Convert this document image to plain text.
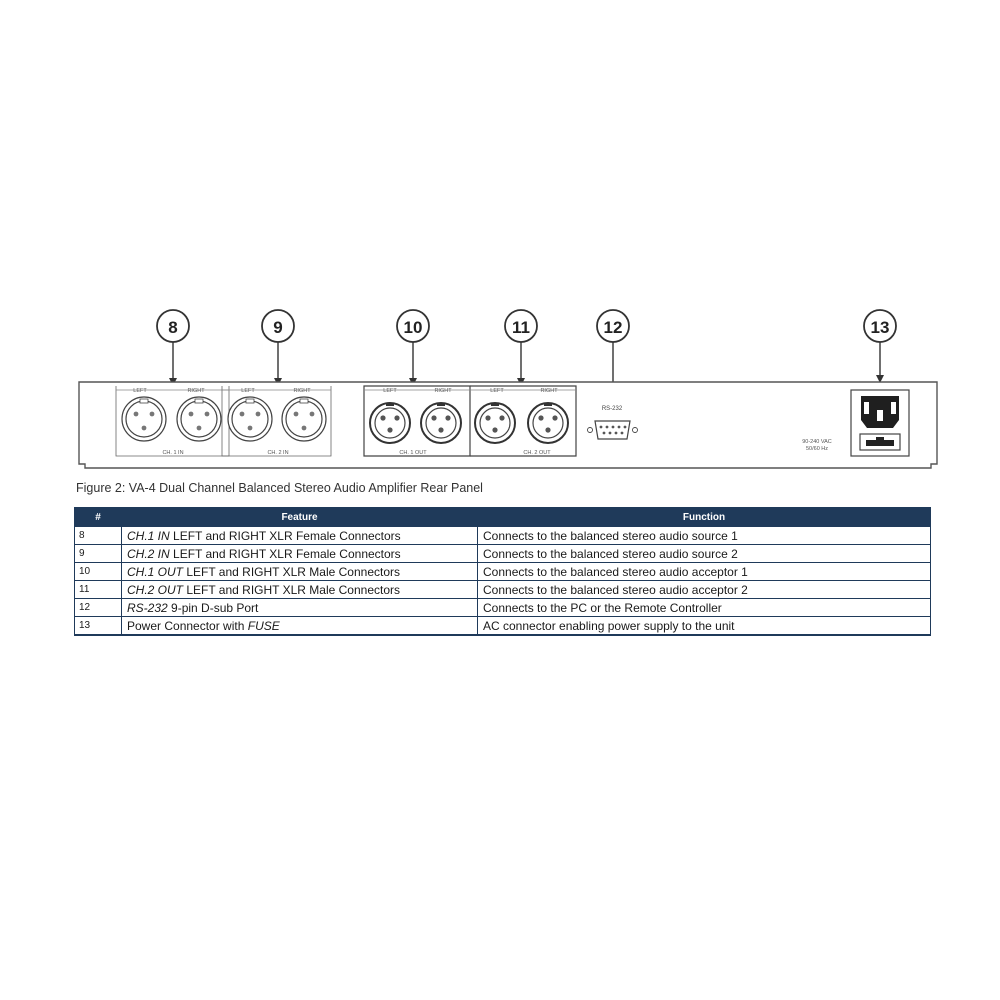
8	9	10	11	12	13
LEFT	RIGHT
CH. 1 IN
LEFT	RIGHT
CH. 2 IN
LEFT	RIGHT
CH. 1 OUT
LEFT	RIGHT
CH. 2 OUT
RS-232
90-240 VAC
50/60 Hz
Figure 2: VA-4 Dual Channel Balanced Stereo Audio Amplifier Rear Panel
#	Feature	Function
8	CH.1 IN LEFT and RIGHT XLR Female Connectors	Connects to the balanced stereo audio source 1
9	CH.2 IN LEFT and RIGHT XLR Female Connectors	Connects to the balanced stereo audio source 2
10	CH.1 OUT LEFT and RIGHT XLR Male Connectors	Connects to the balanced stereo audio acceptor 1
11	CH.2 OUT LEFT and RIGHT XLR Male Connectors	Connects to the balanced stereo audio acceptor 2
12	RS-232 9-pin D-sub Port	Connects to the PC or the Remote Controller
13	Power Connector with FUSE	AC connector enabling power supply to the unit
